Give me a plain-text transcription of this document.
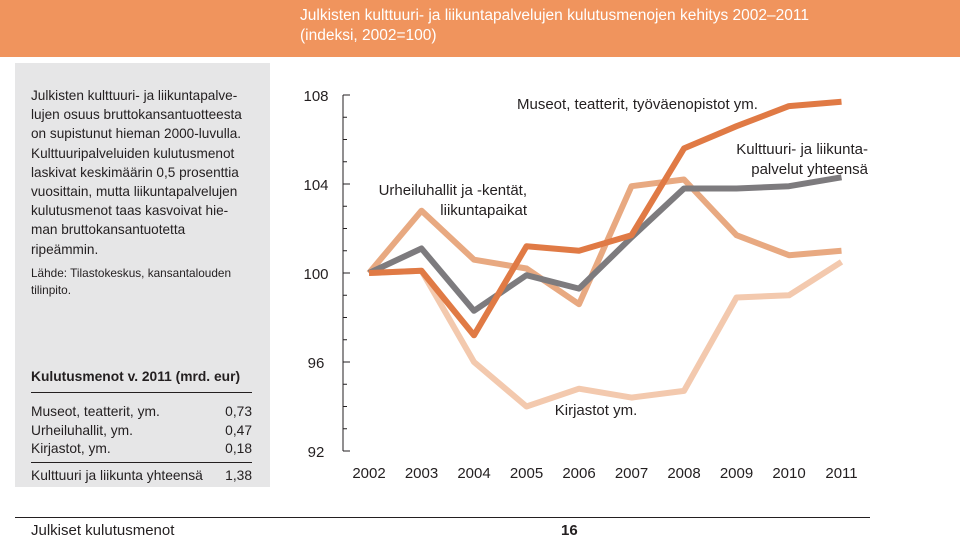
Julkisten kulttuuri- ja liikuntapalvelujen kulutusmenojen kehitys 2002–2011
(indeksi, 2002=100)
Julkisten kulttuuri- ja liikuntapalve-
lujen osuus bruttokansantuotteesta
on supistunut hieman 2000-luvulla.
Kulttuuripalveluiden kulutusmenot
laskivat keskimäärin 0,5 prosenttia
vuosittain, mutta liikuntapalvelujen
kulutusmenot taas kasvoivat hie-
man bruttokansantuotetta
ripeämmin.
Lähde: Tilastokeskus, kansantalouden
tilinpito.
Kulutusmenot v. 2011 (mrd. eur)
Museot, teatterit, ym.	0,73
Urheiluhallit, ym.	0,47
Kirjastot, ym.	0,18
Kulttuuri ja liikunta yhteensä 1,38
92
96
100
104
108
2002 2003 2004 2005 2006 2007 2008 2009 2010 2011
Museot, teatterit, työväenopistot ym.
Kulttuuri- ja liikunta-
palvelut yhteensä
Urheiluhallit ja -kentät,
liikuntapaikat
Kirjastot ym.
Julkiset kulutusmenot	16
